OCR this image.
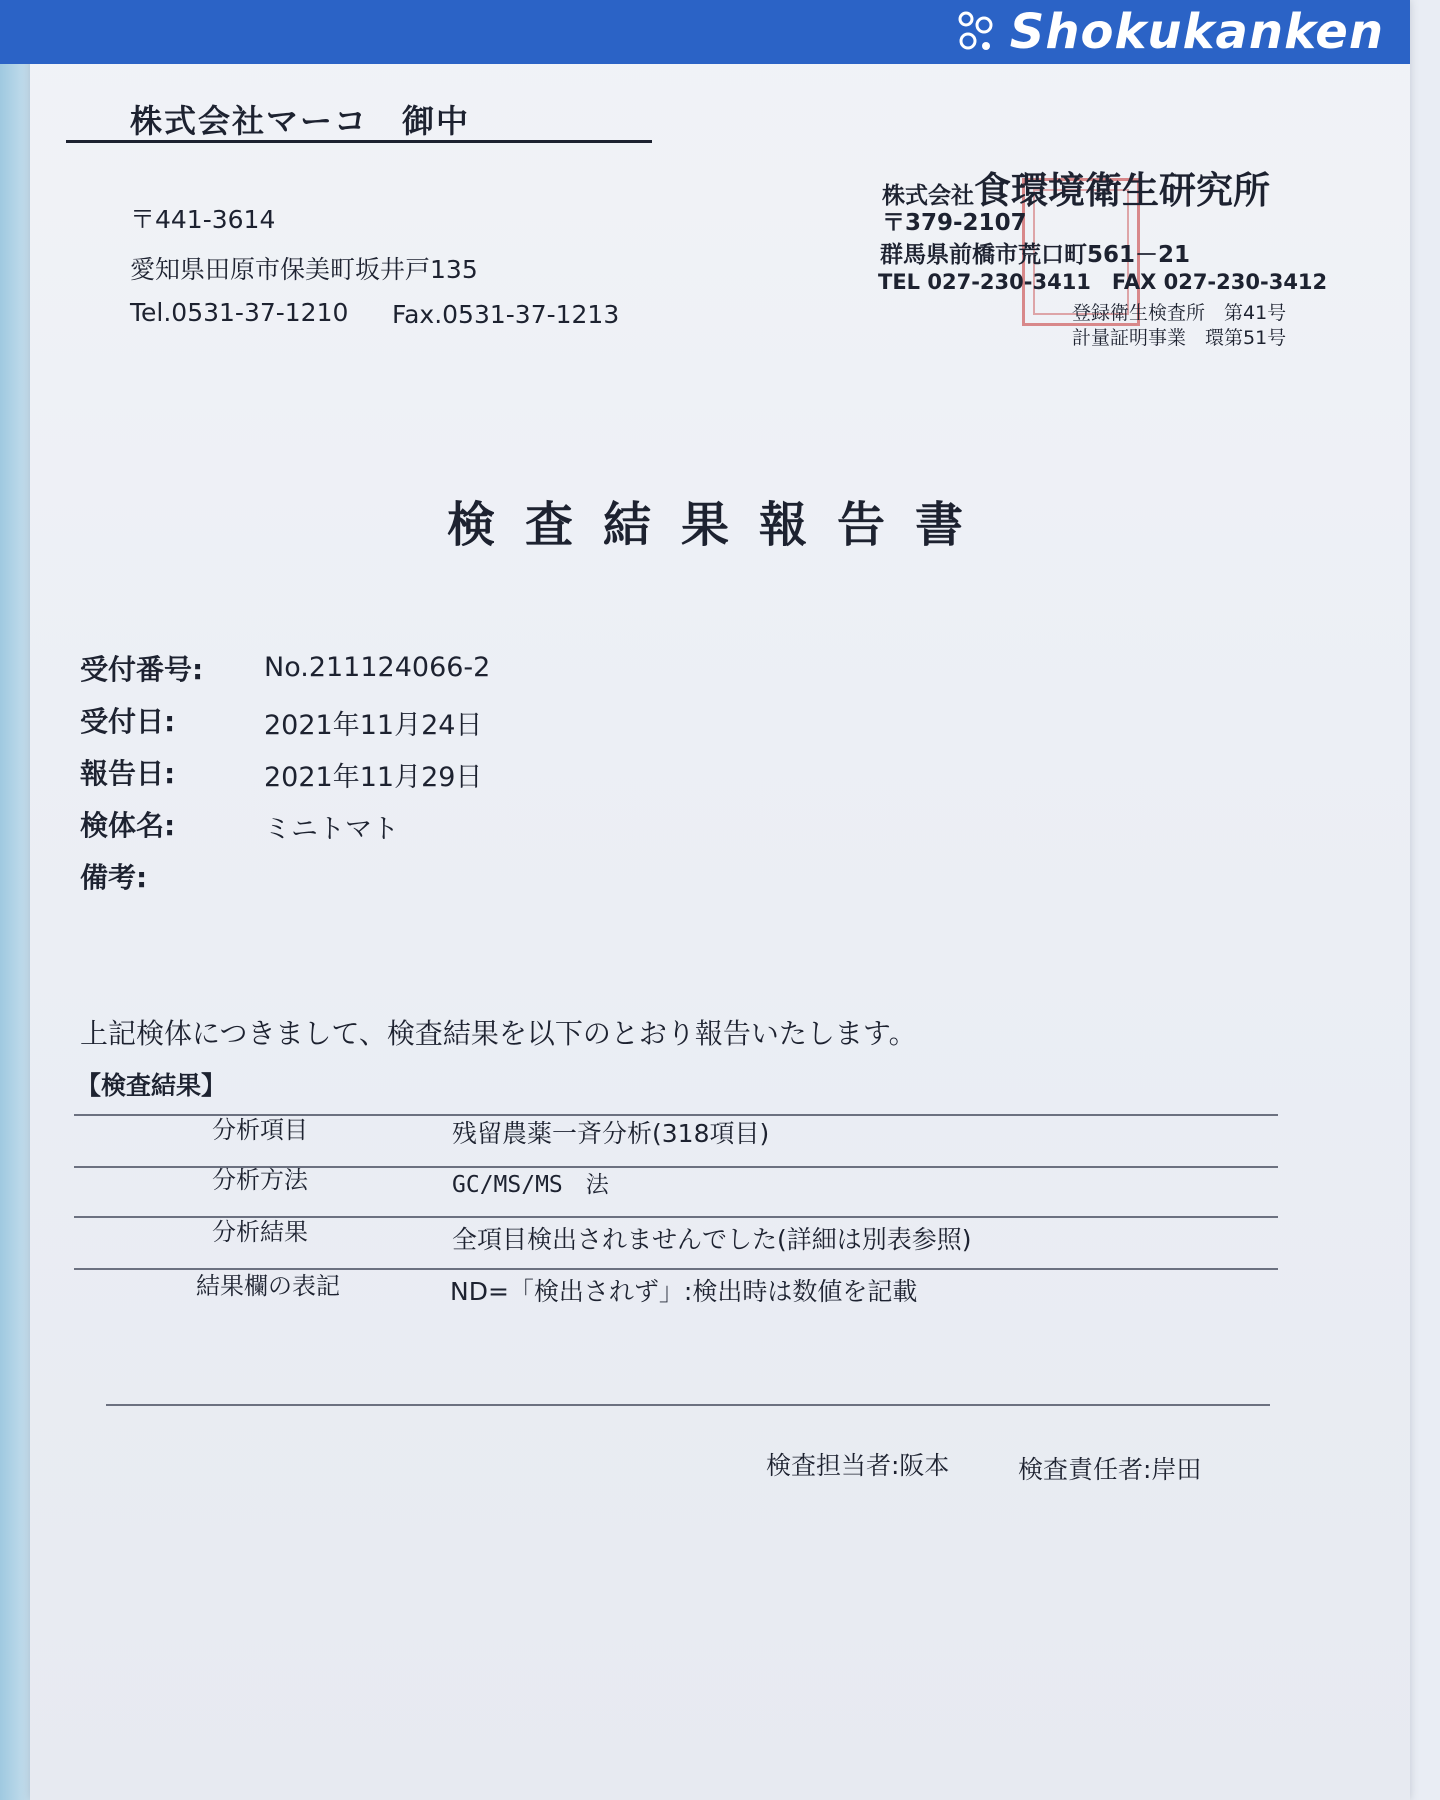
Shokukanken
株式会社マーコ　御中
〒441-3614
愛知県田原市保美町坂井戸135
Tel.0531-37-1210 Fax.0531-37-1213
株式会社食環境衛生研究所
〒379-2107
群馬県前橋市荒口町561－21
TEL 027-230-3411　FAX 027-230-3412
登録衛生検査所　第41号
計量証明事業　環第51号
検査結果報告書
受付番号: No.211124066-2
受付日:	2021年11月24日
報告日:	2021年11月29日
検体名:	ミニトマト
備考:
上記検体につきまして、検査結果を以下のとおり報告いたします。
【検査結果】
分析項目	残留農薬一斉分析(318項目)
分析方法	GC/MS/MS　法
分析結果	全項目検出されませんでした(詳細は別表参照)
結果欄の表記	ND=「検出されず」:検出時は数値を記載
検査担当者:阪本	検査責任者:岸田
